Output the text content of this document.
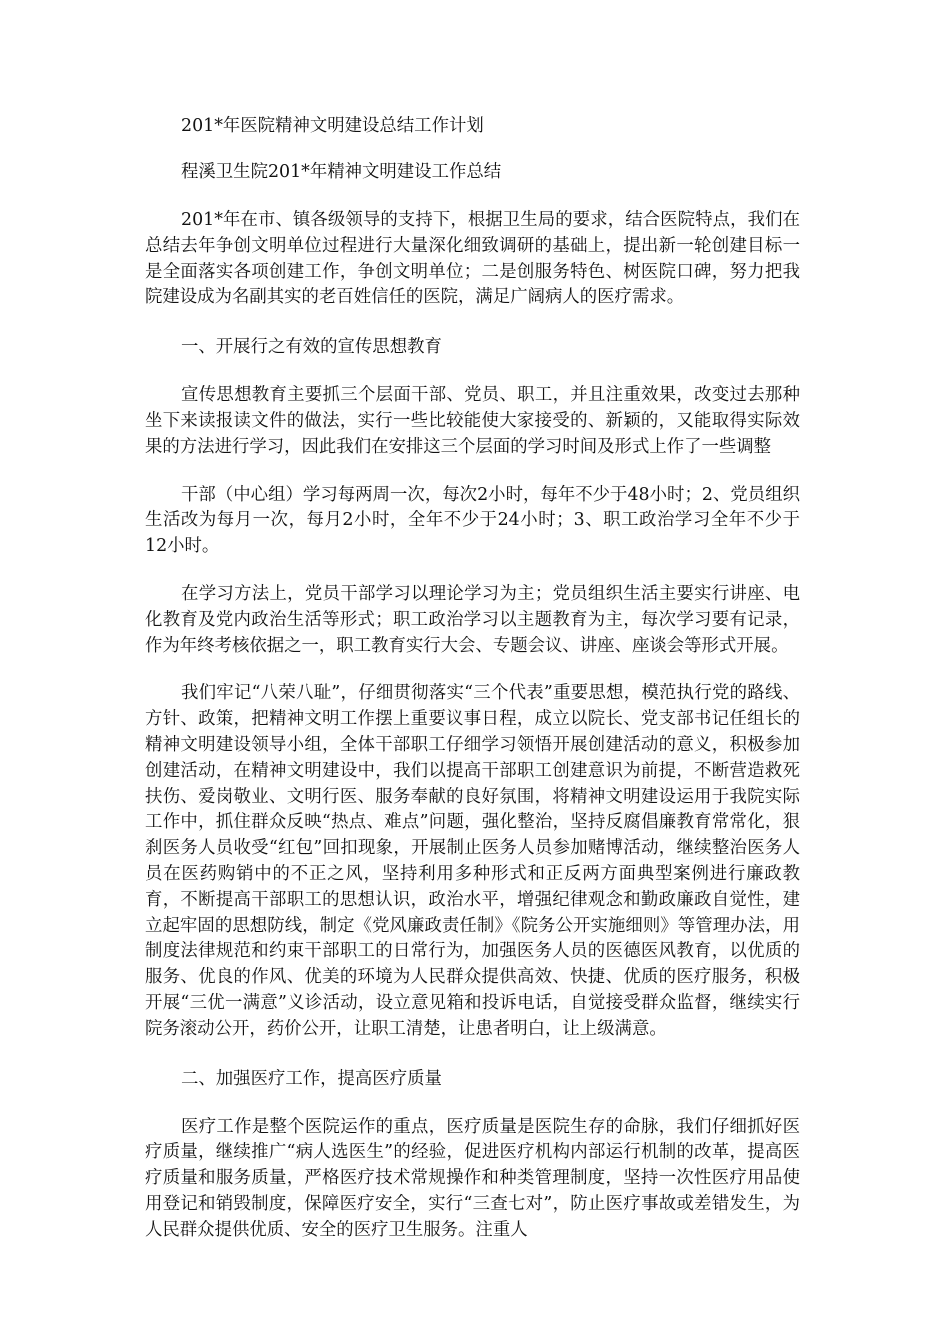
201*年医院精神文明建设总结工作计划

程溪卫生院201*年精神文明建设工作总结

201*年在市、镇各级领导的支持下，根据卫生局的要求，结合医院特点，我们在总结去年争创文明单位过程进行大量深化细致调研的基础上，提出新一轮创建目标一是全面落实各项创建工作，争创文明单位；二是创服务特色、树医院口碑，努力把我院建设成为名副其实的老百姓信任的医院，满足广阔病人的医疗需求。

一、开展行之有效的宣传思想教育

宣传思想教育主要抓三个层面干部、党员、职工，并且注重效果，改变过去那种坐下来读报读文件的做法，实行一些比较能使大家接受的、新颖的，又能取得实际效果的方法进行学习，因此我们在安排这三个层面的学习时间及形式上作了一些调整

干部（中心组）学习每两周一次，每次2小时，每年不少于48小时；2、党员组织生活改为每月一次，每月2小时，全年不少于24小时；3、职工政治学习全年不少于12小时。

在学习方法上，党员干部学习以理论学习为主；党员组织生活主要实行讲座、电化教育及党内政治生活等形式；职工政治学习以主题教育为主，每次学习要有记录，作为年终考核依据之一，职工教育实行大会、专题会议、讲座、座谈会等形式开展。

我们牢记“八荣八耻”，仔细贯彻落实“三个代表”重要思想，模范执行党的路线、方针、政策，把精神文明工作摆上重要议事日程，成立以院长、党支部书记任组长的精神文明建设领导小组，全体干部职工仔细学习领悟开展创建活动的意义，积极参加创建活动，在精神文明建设中，我们以提高干部职工创建意识为前提，不断营造救死扶伤、爱岗敬业、文明行医、服务奉献的良好氛围，将精神文明建设运用于我院实际工作中，抓住群众反映“热点、难点”问题，强化整治，坚持反腐倡廉教育常常化，狠刹医务人员收受“红包”回扣现象，开展制止医务人员参加赌博活动，继续整治医务人员在医药购销中的不正之风，坚持利用多种形式和正反两方面典型案例进行廉政教育，不断提高干部职工的思想认识，政治水平，增强纪律观念和勤政廉政自觉性，建立起牢固的思想防线，制定《党风廉政责任制》《院务公开实施细则》等管理办法，用制度法律规范和约束干部职工的日常行为，加强医务人员的医德医风教育，以优质的服务、优良的作风、优美的环境为人民群众提供高效、快捷、优质的医疗服务，积极开展“三优一满意”义诊活动，设立意见箱和投诉电话，自觉接受群众监督，继续实行院务滚动公开，药价公开，让职工清楚，让患者明白，让上级满意。

二、加强医疗工作，提高医疗质量

医疗工作是整个医院运作的重点，医疗质量是医院生存的命脉，我们仔细抓好医疗质量，继续推广“病人选医生”的经验，促进医疗机构内部运行机制的改革，提高医疗质量和服务质量，严格医疗技术常规操作和种类管理制度，坚持一次性医疗用品使用登记和销毁制度，保障医疗安全，实行“三查七对”，防止医疗事故或差错发生，为人民群众提供优质、安全的医疗卫生服务。注重人
